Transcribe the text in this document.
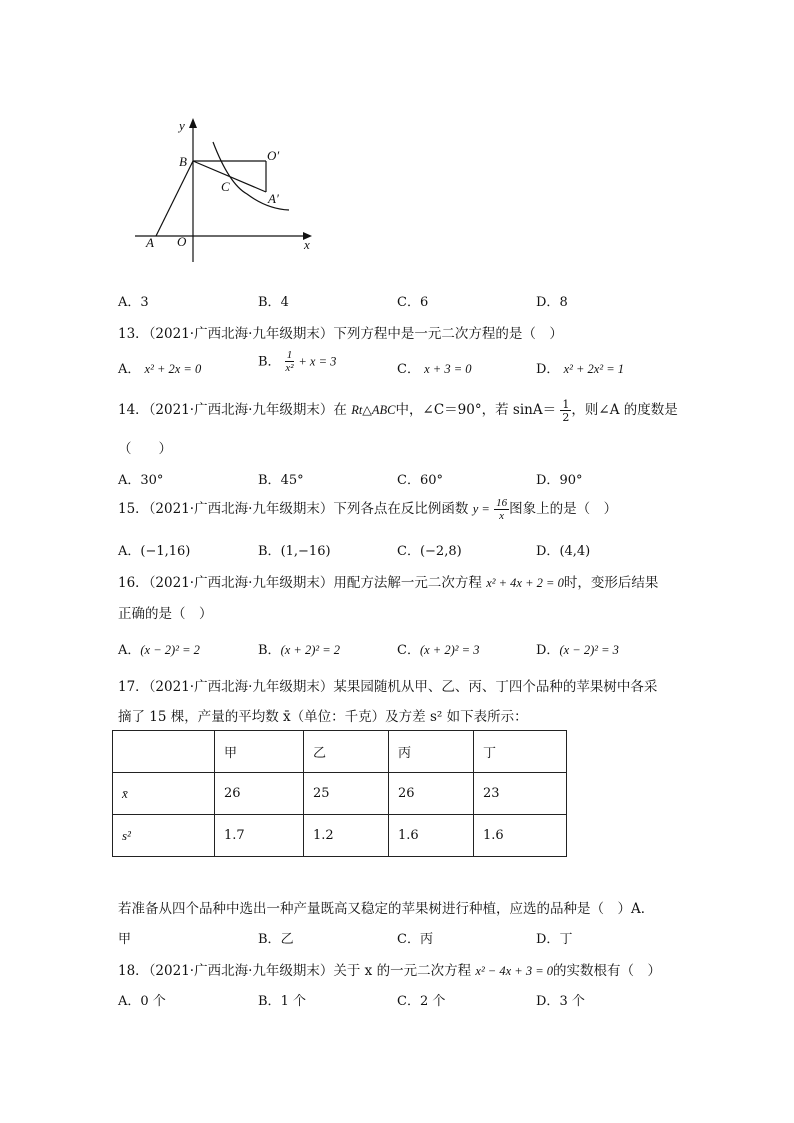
y
x
B	O′
C
A′
A O
A．3	B．4	C．6	D．8
13．（2021·广西北海·九年级期末）下列方程中是一元二次方程的是（　）
A． x² + 2x = 0	B． $\frac{1}{\text{x²}} + x = 3$
C． x + 3 = 0	D． x² + 2x² = 1
14．（2021·广西北海·九年级期末）在 Rt△ABC中，∠C＝90°，若 $\sin A= \frac{1}{2}$ ，则∠A 的度数是
（　　）
A．30°	B．45°	C．60°	D．90°
15．（2021·广西北海·九年级期末）下列各点在反比例函数 $y = \frac{16}{x}$ 图象上的是（　）
A．(−1,16)	B．(1,−16)	C．(−2,8)	D．(4,4)
16．（2021·广西北海·九年级期末）用配方法解一元二次方程 x² + 4x + 2 = 0时，变形后结果
正确的是（　）
A．(x − 2)² = 2	B．(x + 2)² = 2	C．(x + 2)² = 3	D．(x − 2)² = 3
17．（2021·广西北海·九年级期末）某果园随机从甲、乙、丙、丁四个品种的苹果树中各采
摘了 15 棵，产量的平均数 x̄（单位：千克）及方差 s² 如下表所示：
	甲	乙	丙	丁
x̄	26	25	26	23
s²	1.7	1.2	1.6	1.6
若准备从四个品种中选出一种产量既高又稳定的苹果树进行种植，应选的品种是（　）A．
甲	B．乙	C．丙	D．丁
18．（2021·广西北海·九年级期末）关于 x 的一元二次方程 x² − 4x + 3 = 0的实数根有（　）
A．0 个	B．1 个	C．2 个	D．3 个
